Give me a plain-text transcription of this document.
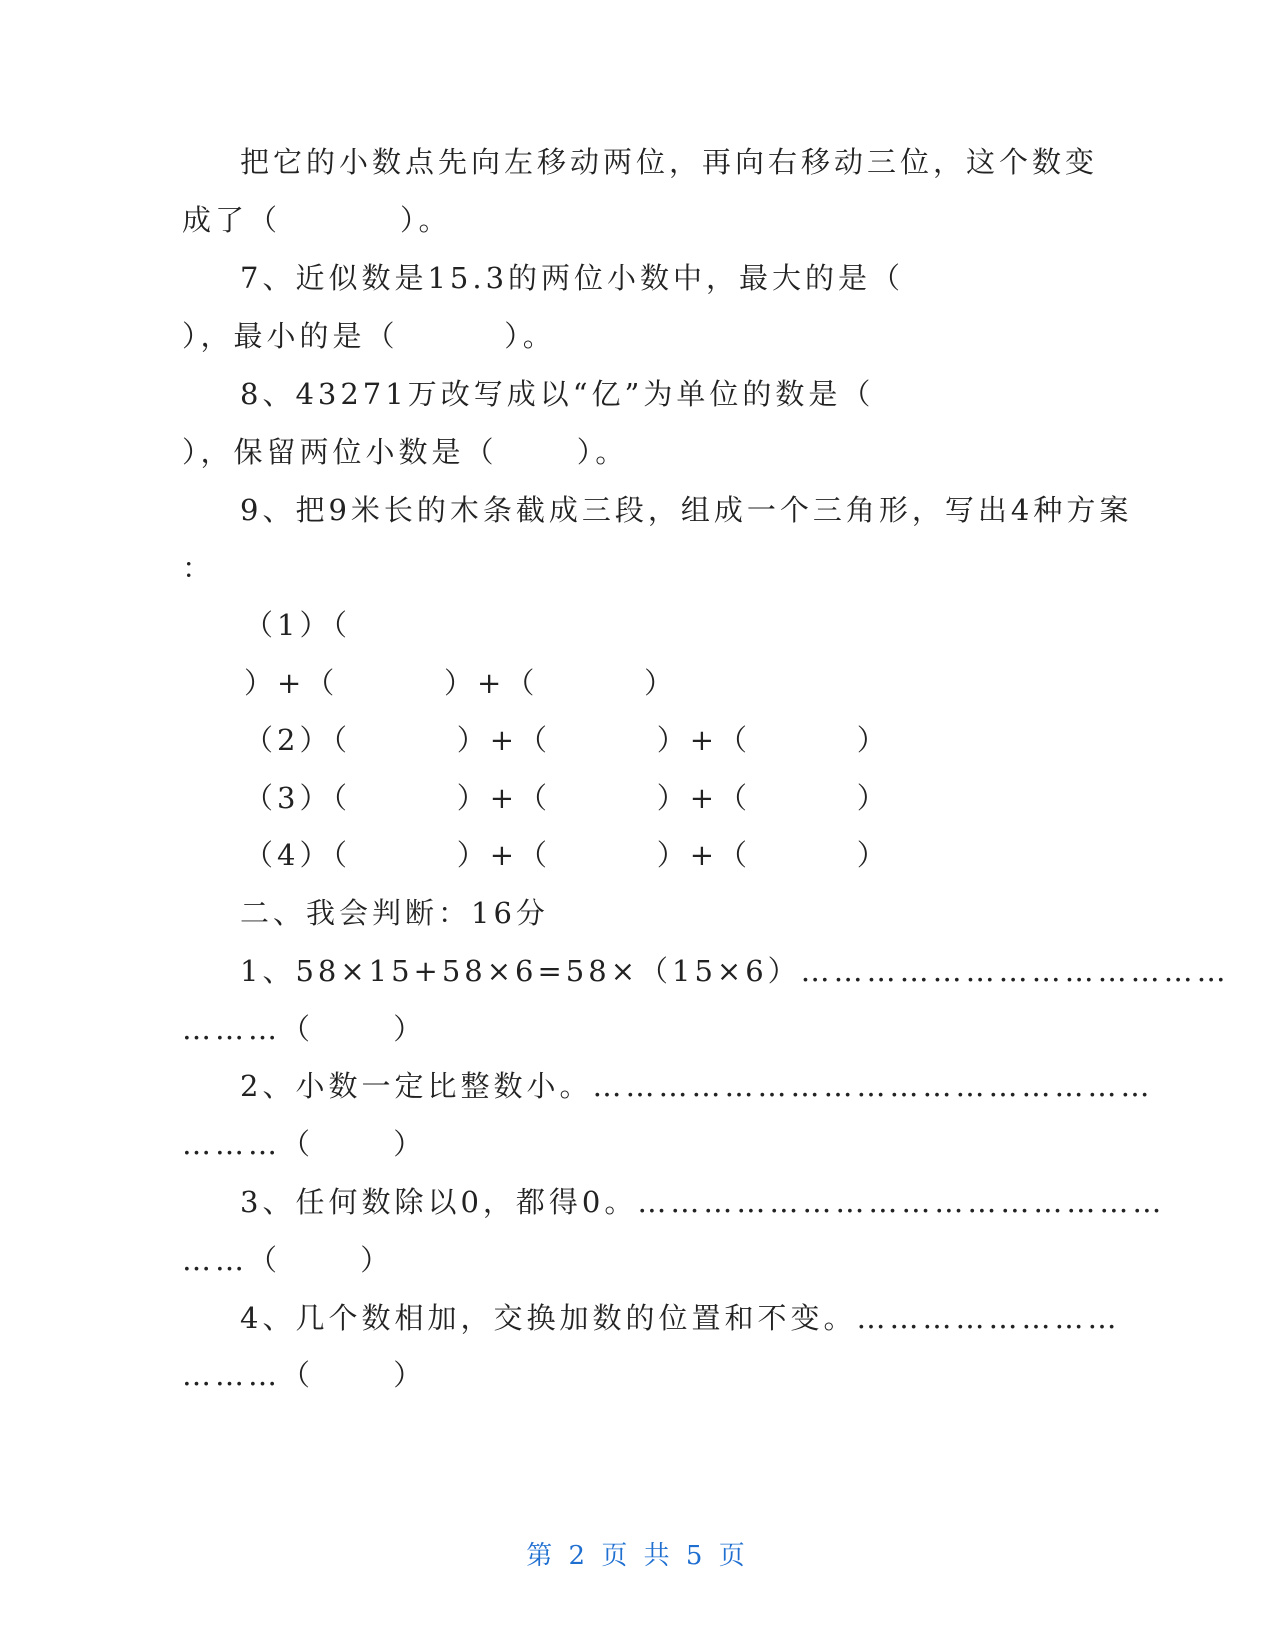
把它的小数点先向左移动两位，再向右移动三位，这个数变
成了（         ）。
7、近似数是15.3的两位小数中，最大的是（
），最小的是（        ）。
8、43271万改写成以“亿”为单位的数是（
），保留两位小数是（      ）。
9、把9米长的木条截成三段，组成一个三角形，写出4种方案
：
（1）（
）+（        ）+（        ）
（2）（        ）+（        ）+（        ）
（3）（        ）+（        ）+（        ）
（4）（        ）+（        ）+（        ）
二、我会判断：16分
1、58×15+58×6=58×（15×6）…………………………………
………（      ）
2、小数一定比整数小。……………………………………………
………（      ）
3、任何数除以0，都得0。…………………………………………
……（      ）
4、几个数相加，交换加数的位置和不变。……………………
………（      ）
第 2 页 共 5 页
